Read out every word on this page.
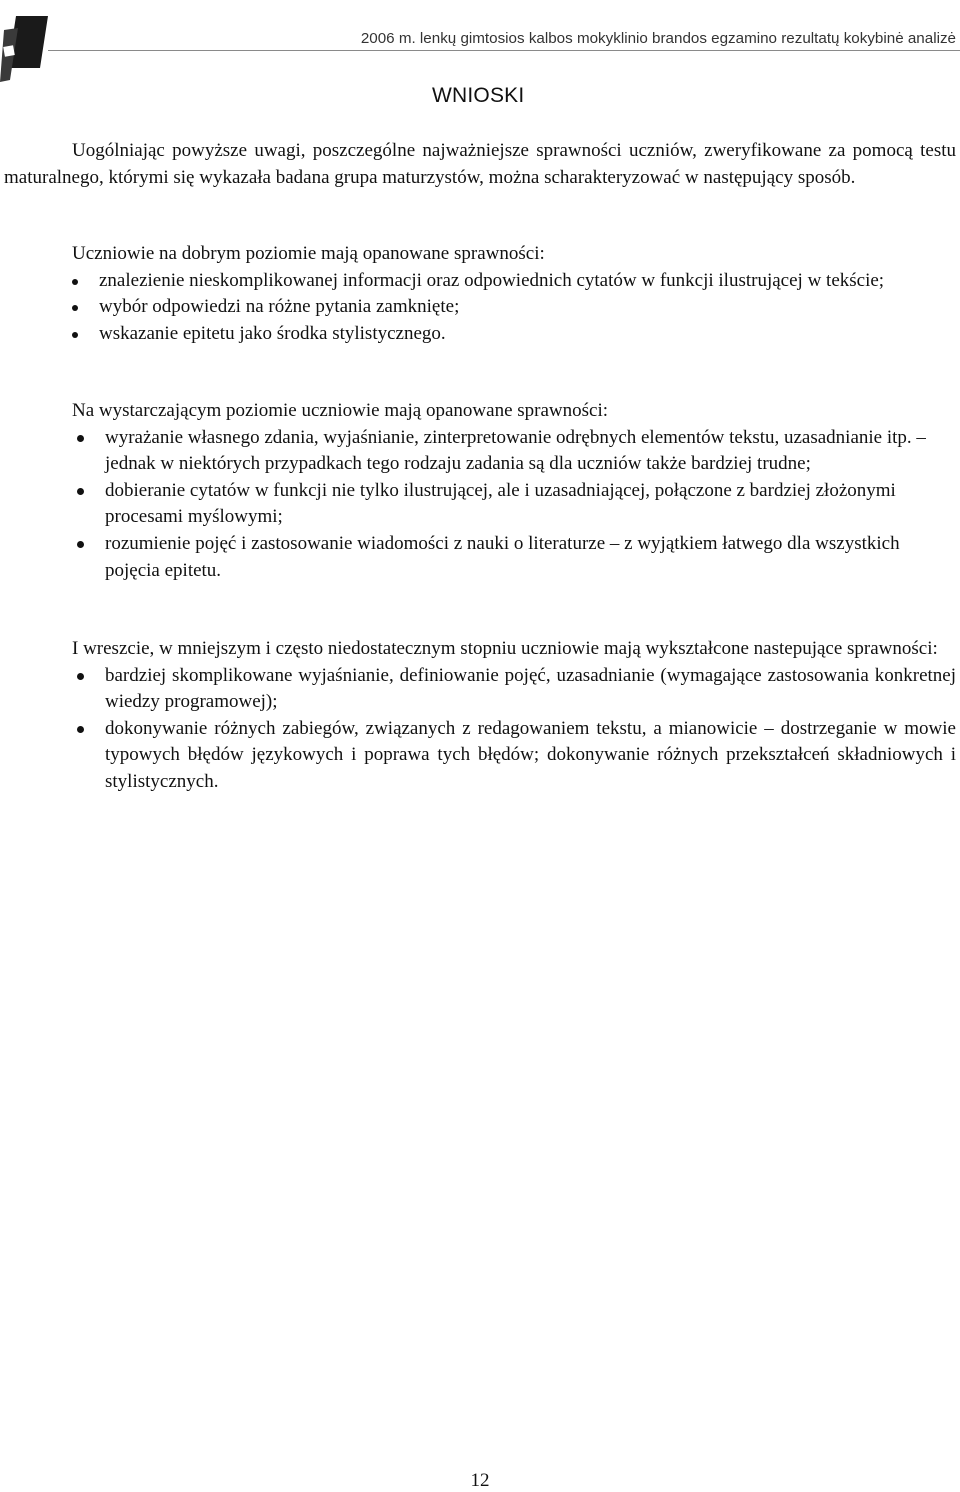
2006 m. lenkų gimtosios kalbos mokyklinio brandos egzamino rezultatų kokybinė analizė
WNIOSKI

Uogólniając powyższe uwagi, poszczególne najważniejsze sprawności uczniów, zweryfikowane za pomocą testu maturalnego, którymi się wykazała badana grupa maturzystów, można scharakteryzować w następujący sposób.

Uczniowie na dobrym poziomie mają opanowane sprawności:

znalezienie nieskomplikowanej informacji oraz odpowiednich cytatów w funkcji ilustrującej w tekście;
wybór odpowiedzi na różne pytania zamknięte;
wskazanie epitetu jako środka stylistycznego.

Na wystarczającym poziomie uczniowie mają opanowane sprawności:

wyrażanie własnego zdania, wyjaśnianie, zinterpretowanie odrębnych elementów tekstu, uzasadnianie itp. – jednak w niektórych przypadkach tego rodzaju zadania są dla uczniów także bardziej trudne;
dobieranie cytatów w funkcji nie tylko ilustrującej, ale i uzasadniającej, połączone z bardziej złożonymi procesami myślowymi;
rozumienie pojęć i zastosowanie wiadomości z nauki o literaturze – z wyjątkiem łatwego dla wszystkich pojęcia epitetu.

I wreszcie, w mniejszym i często niedostatecznym stopniu uczniowie mają wykształcone nastepujące sprawności:

bardziej skomplikowane wyjaśnianie, definiowanie pojęć, uzasadnianie (wymagające zastosowania konkretnej wiedzy programowej);
dokonywanie różnych zabiegów, związanych z redagowaniem tekstu, a mianowicie – dostrzeganie w mowie typowych błędów językowych i poprawa tych błędów; dokonywanie różnych przekształceń składniowych i stylistycznych.
12
